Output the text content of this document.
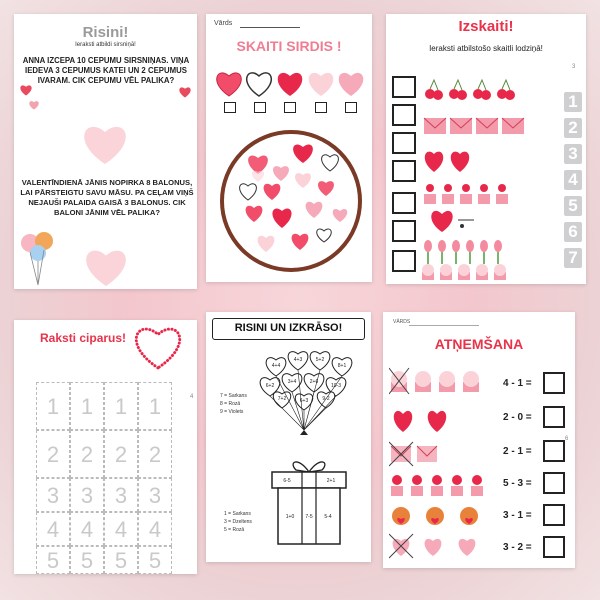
Risini!
Ieraksti atbildi sirsniņā!
ANNA IZCEPA 10 CEPUMU SIRSNIŅAS. VIŅA IEDEVA 3 CEPUMUS KATEI UN 2 CEPUMUS IVARAM. CIK CEPUMU VĒL PALIKA?
VALENTĪNDIENĀ JĀNIS NOPIRKA 8 BALONUS, LAI PĀRSTEIGTU SAVU MĀSU. PA CEĻAM VIŅŠ NEJAUŠI PALAIDA GAISĀ 3 BALONUS. CIK BALONI JĀNIM VĒL PALIKA?
Vārds
SKAITI SIRDIS !
Izskaiti!
Ieraksti atbilstošo skaitli lodziņā!
3
1
2
3
4
5
6
7
Raksti ciparus!
4
1 1 1 1
2 2 2 2
3 3 3 3
4 4 4 4
5 5 5 5
RISINI UN IZKRĀSO!
7 = Sarkans
8 = Rozā
9 = Violets
4+4
4+3	5+2
8+1
6+2
3+4	2+6
10-3
7+2	6+3	9-2
6-5	2+1
1+0 7-5 5-4
1 = Sarkans
3 = Dzeltens
5 = Rozā
VĀRDS
ATŅEMŠANA
6
4 - 1 =
2 - 0 =
2 - 1 =
5 - 3 =
3 - 1 =
3 - 2 =
